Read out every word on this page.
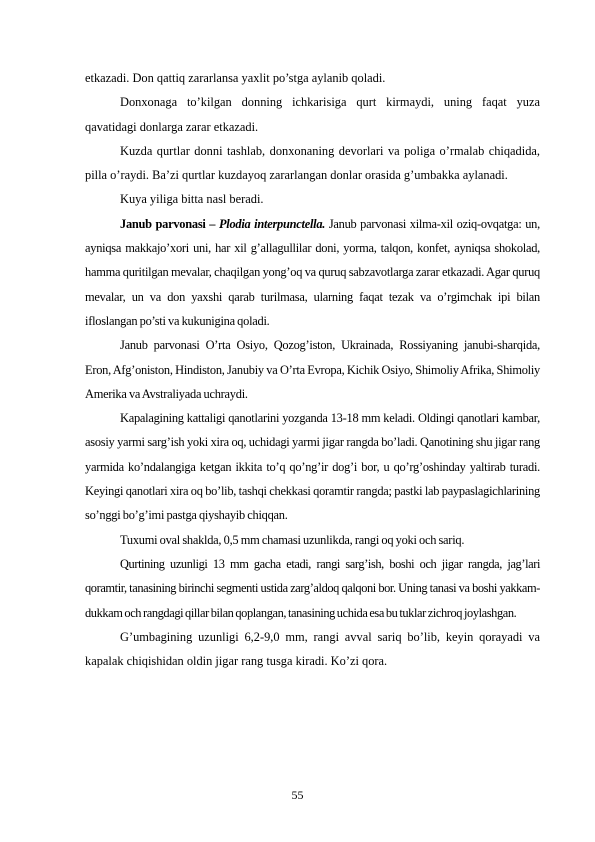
etkazadi. Don qattiq zararlansa yaxlit po’stga aylanib qoladi.

Donxonaga to’kilgan donning ichkarisiga qurt kirmaydi, uning faqat yuza qavatidagi donlarga zarar etkazadi.

Kuzda qurtlar donni tashlab, donxonaning devorlari va poliga o’rmalab chiqadida, pilla o’raydi. Ba’zi qurtlar kuzdayoq zararlangan donlar orasida g’umbakka aylanadi.

Kuya yiliga bitta nasl beradi.

Janub parvonasi – Plodia interpunctella. Janub parvonasi xilma-xil oziq-ovqatga: un, ayniqsa makkajo’xori uni, har xil g’allagullilar doni, yorma, talqon, konfet, ayniqsa shokolad, hamma quritilgan mevalar, chaqilgan yong’oq va quruq sabzavotlarga zarar etkazadi. Agar quruq mevalar, un va don yaxshi qarab turilmasa, ularning faqat tezak va o’rgimchak ipi bilan ifloslangan po’sti va kukunigina qoladi.

Janub parvonasi O’rta Osiyo, Qozog’iston, Ukrainada, Rossiyaning janubi-sharqida, Eron, Afg’oniston, Hindiston, Janubiy va O’rta Evropa, Kichik Osiyo, Shimoliy Afrika, Shimoliy Amerika va Avstraliyada uchraydi.

Kapalagining kattaligi qanotlarini yozganda 13-18 mm keladi. Oldingi qanotlari kambar, asosiy yarmi sarg’ish yoki xira oq, uchidagi yarmi jigar rangda bo’ladi. Qanotining shu jigar rang yarmida ko’ndalangiga ketgan ikkita to’q qo’ng’ir dog’i bor, u qo’rg’oshinday yaltirab turadi. Keyingi qanotlari xira oq bo’lib, tashqi chekkasi qoramtir rangda; pastki lab paypaslagichlarining so’nggi bo’g’imi pastga qiyshayib chiqqan.

Tuxumi oval shaklda, 0,5 mm chamasi uzunlikda, rangi oq yoki och sariq.

Qurtining uzunligi 13 mm gacha etadi, rangi sarg’ish, boshi och jigar rangda, jag’lari qoramtir, tanasining birinchi segmenti ustida zarg’aldoq qalqoni bor. Uning tanasi va boshi yakkam-dukkam och rangdagi qillar bilan qoplangan, tanasining uchida esa bu tuklar zichroq joylashgan.

G’umbagining uzunligi 6,2-9,0 mm, rangi avval sariq bo’lib, keyin qorayadi va kapalak chiqishidan oldin jigar rang tusga kiradi. Ko’zi qora.

55
